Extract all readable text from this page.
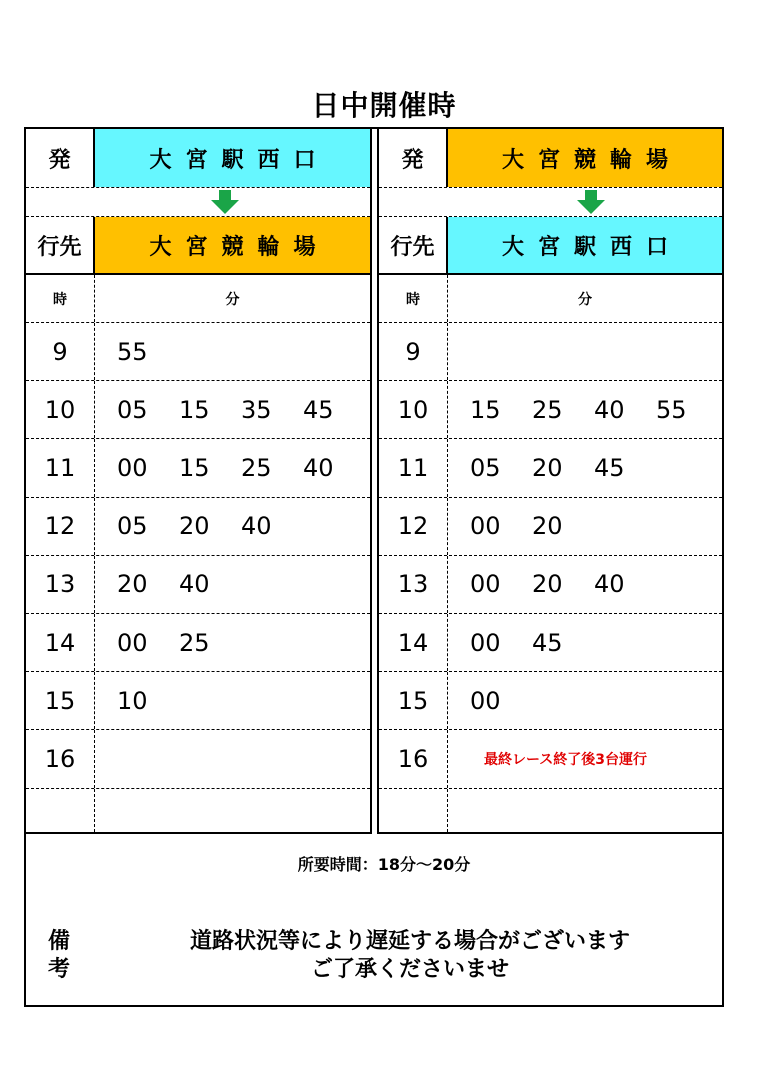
日中開催時
発	大宮駅西口
行先	大宮競輪場
時	分
9	55
10	05	15	35	45
11	00	15	25	40
12	05	20	40
13	20	40
14	00	25
15	10
16
発	大宮競輪場
行先	大宮駅西口
時	分
9
10	15	25	40	55
11	05	20	45
12	00	20
13	00	20	40
14	00	45
15	00
16	最終レース終了後3台運行
所要時間：18分～20分
備
考
道路状況等により遅延する場合がございます
ご了承くださいませ
